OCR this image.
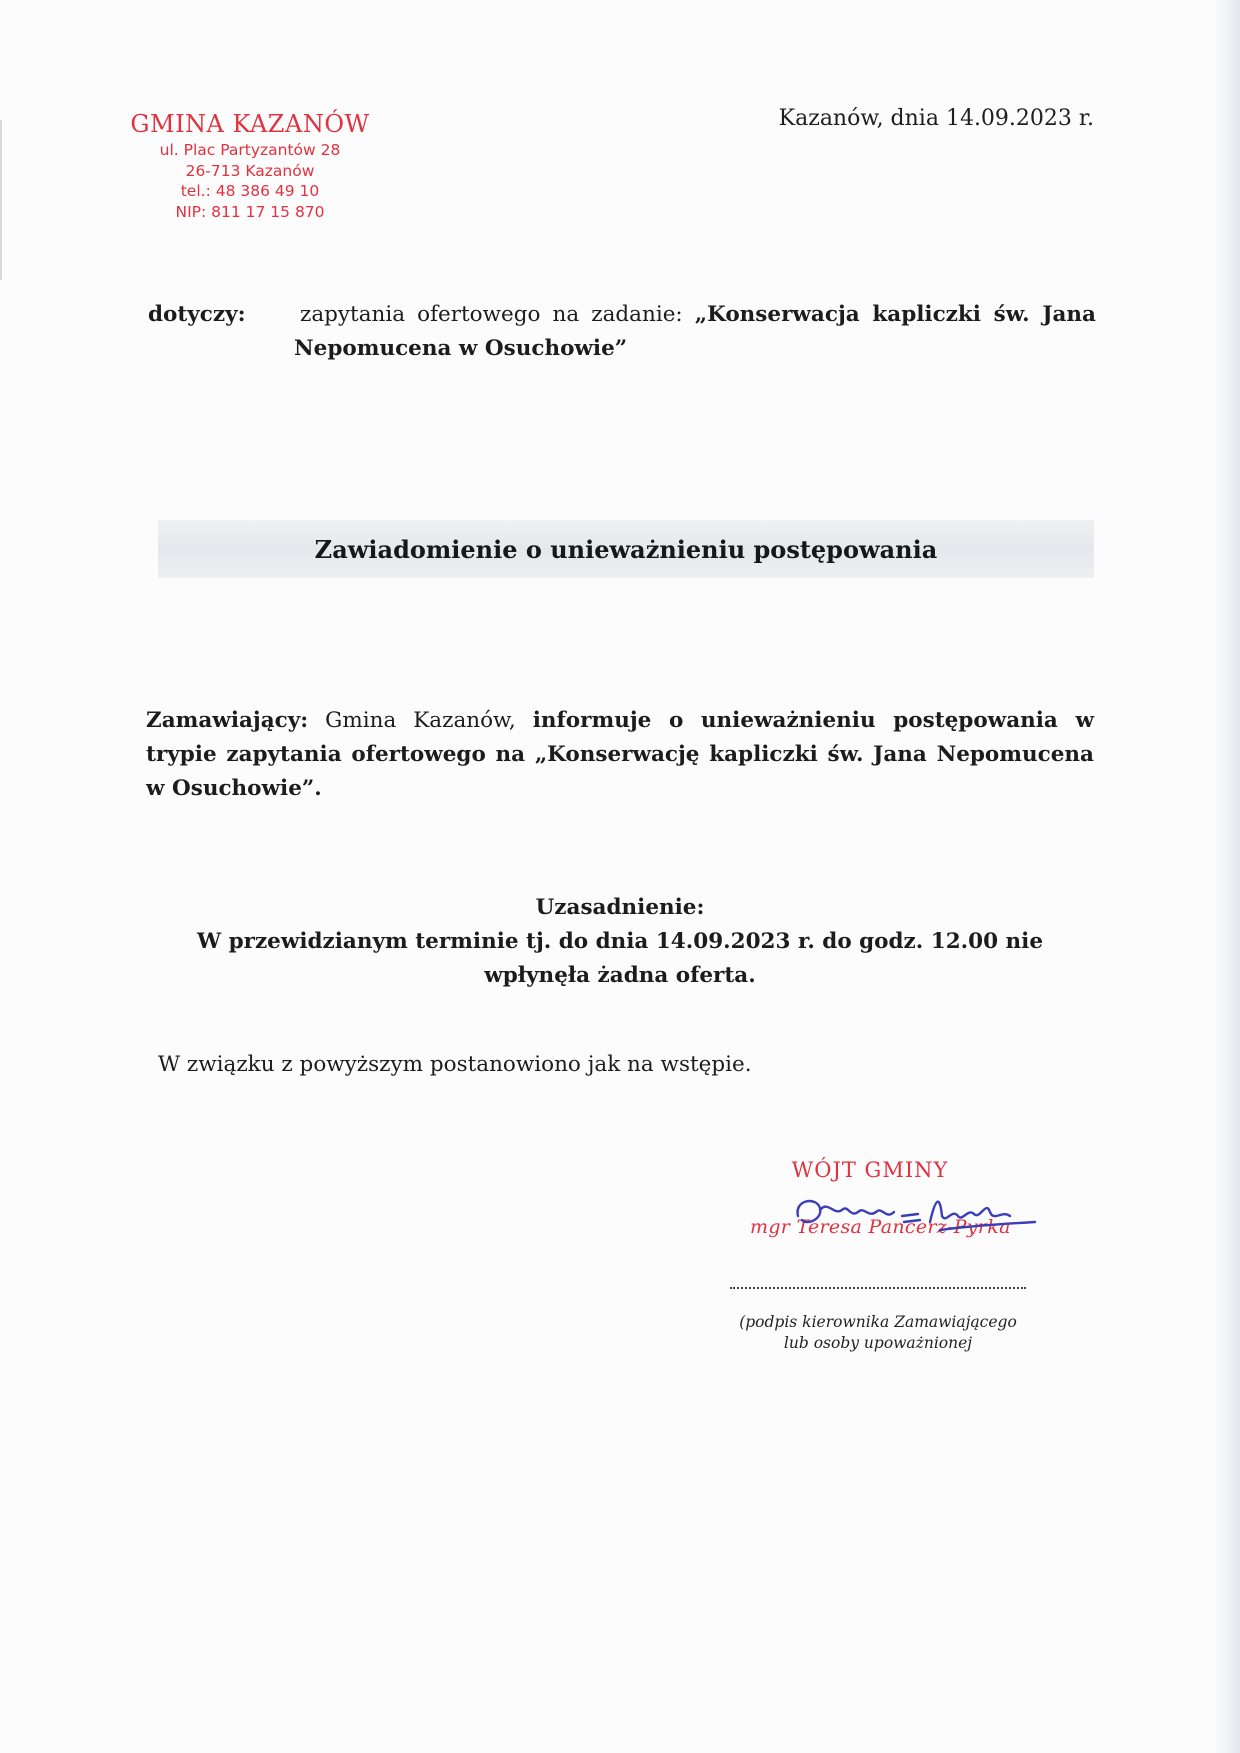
GMINA KAZANÓW
ul. Plac Partyzantów 28
26-713 Kazanów
tel.: 48 386 49 10
NIP: 811 17 15 870
Kazanów, dnia 14.09.2023 r.
dotyczy:	zapytania ofertowego na zadanie: „Konserwacja kapliczki św. Jana Nepomucena w Osuchowie”
Zawiadomienie o unieważnieniu postępowania
Zamawiający: Gmina Kazanów, informuje o unieważnieniu postępowania w trypie zapytania ofertowego na „Konserwację kapliczki św. Jana Nepomucena w Osuchowie”.
Uzasadnienie:
W przewidzianym terminie tj. do dnia 14.09.2023 r. do godz. 12.00 nie wpłynęła żadna oferta.
W związku z powyższym postanowiono jak na wstępie.
WÓJT GMINY
mgr Teresa Pancerz-Pyrka
(podpis kierownika Zamawiającego
lub osoby upoważnionej
